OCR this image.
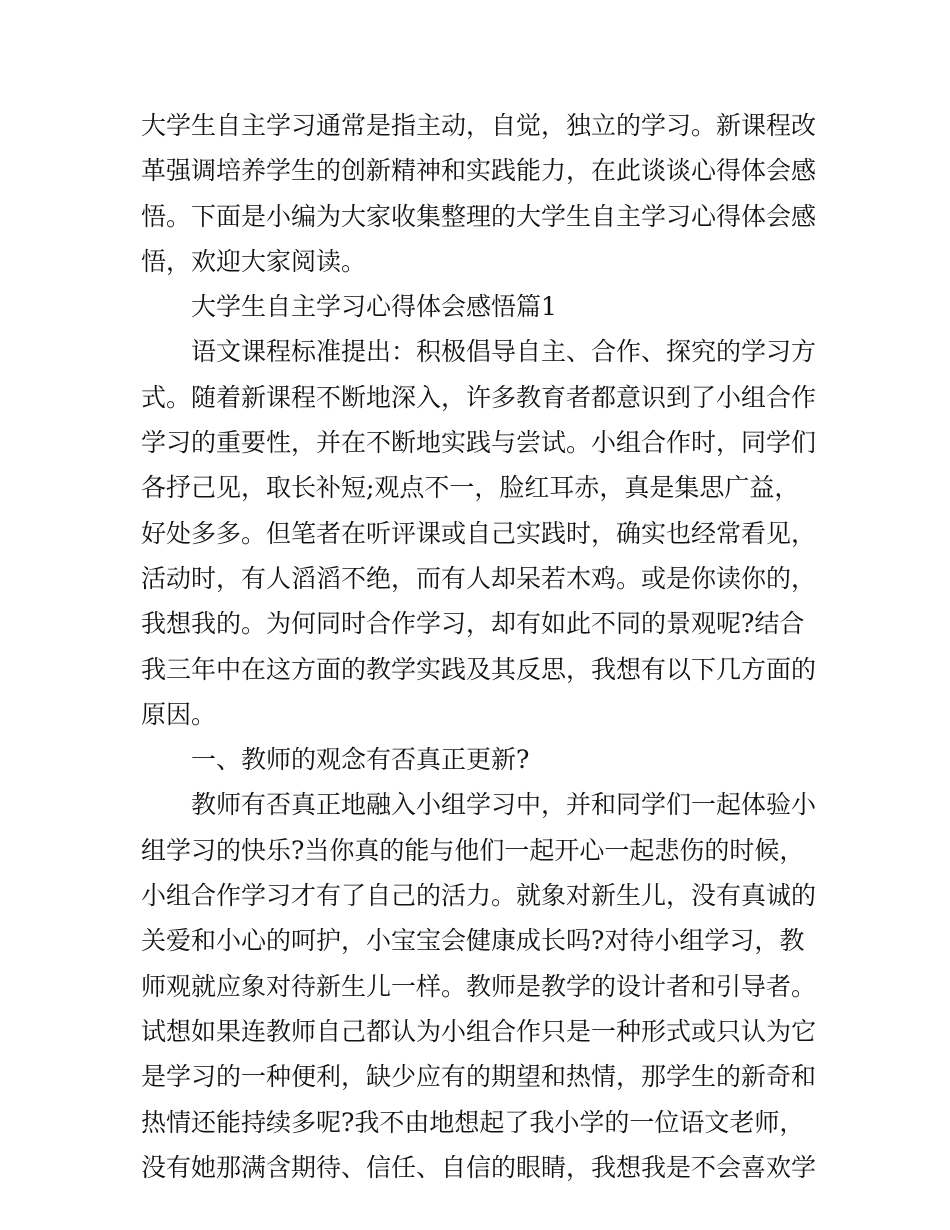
大学生自主学习通常是指主动，自觉，独立的学习。新课程改
革强调培养学生的创新精神和实践能力，在此谈谈心得体会感
悟。下面是小编为大家收集整理的大学生自主学习心得体会感
悟，欢迎大家阅读。
大学生自主学习心得体会感悟篇1
语文课程标准提出：积极倡导自主、合作、探究的学习方
式。随着新课程不断地深入，许多教育者都意识到了小组合作
学习的重要性，并在不断地实践与尝试。小组合作时，同学们
各抒己见，取长补短;观点不一，脸红耳赤，真是集思广益，
好处多多。但笔者在听评课或自己实践时，确实也经常看见，
活动时，有人滔滔不绝，而有人却呆若木鸡。或是你读你的，
我想我的。为何同时合作学习，却有如此不同的景观呢?结合
我三年中在这方面的教学实践及其反思，我想有以下几方面的
原因。
一、教师的观念有否真正更新?
教师有否真正地融入小组学习中，并和同学们一起体验小
组学习的快乐?当你真的能与他们一起开心一起悲伤的时候，
小组合作学习才有了自己的活力。就象对新生儿，没有真诚的
关爱和小心的呵护，小宝宝会健康成长吗?对待小组学习，教
师观就应象对待新生儿一样。教师是教学的设计者和引导者。
试想如果连教师自己都认为小组合作只是一种形式或只认为它
是学习的一种便利，缺少应有的期望和热情，那学生的新奇和
热情还能持续多呢?我不由地想起了我小学的一位语文老师，
没有她那满含期待、信任、自信的眼睛，我想我是不会喜欢学
